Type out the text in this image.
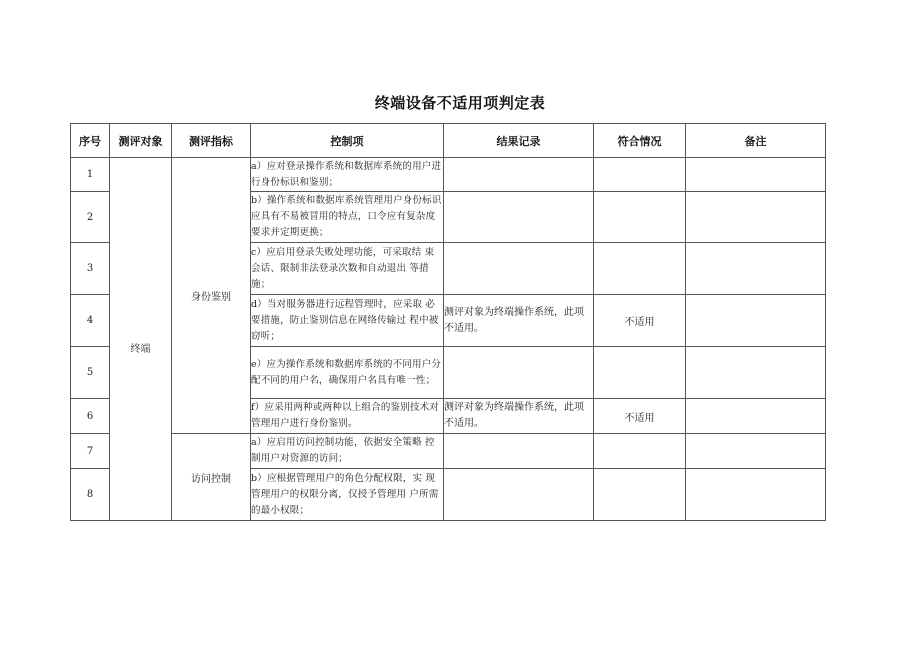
终端设备不适用项判定表
序号	测评对象	测评指标	控制项	结果记录	符合情况	备注
1	终端	身份鉴别	a）应对登录操作系统和数据库系统的用户进行身份标识和鉴别；			
2			b）操作系统和数据库系统管理用户身份标识应具有不易被冒用的特点，口令应有复杂度要求并定期更换；			
3			c）应启用登录失败处理功能，可采取结 束会话、限制非法登录次数和自动退出 等措施；			
4			d）当对服务器进行远程管理时，应采取 必要措施，防止鉴别信息在网络传输过 程中被窃听；	测评对象为终端操作系统，此项不适用。	不适用	
5			e）应为操作系统和数据库系统的不同用户分配不同的用户名，确保用户名具有唯一性；			
6			f）应采用两种或两种以上组合的鉴别技术对管理用户进行身份鉴别。	测评对象为终端操作系统，此项不适用。	不适用	
7		访问控制	a）应启用访问控制功能，依据安全策略 控制用户对资源的访问；			
8			b）应根据管理用户的角色分配权限，实 现管理用户的权限分离，仅授予管理用 户所需的最小权限；			
